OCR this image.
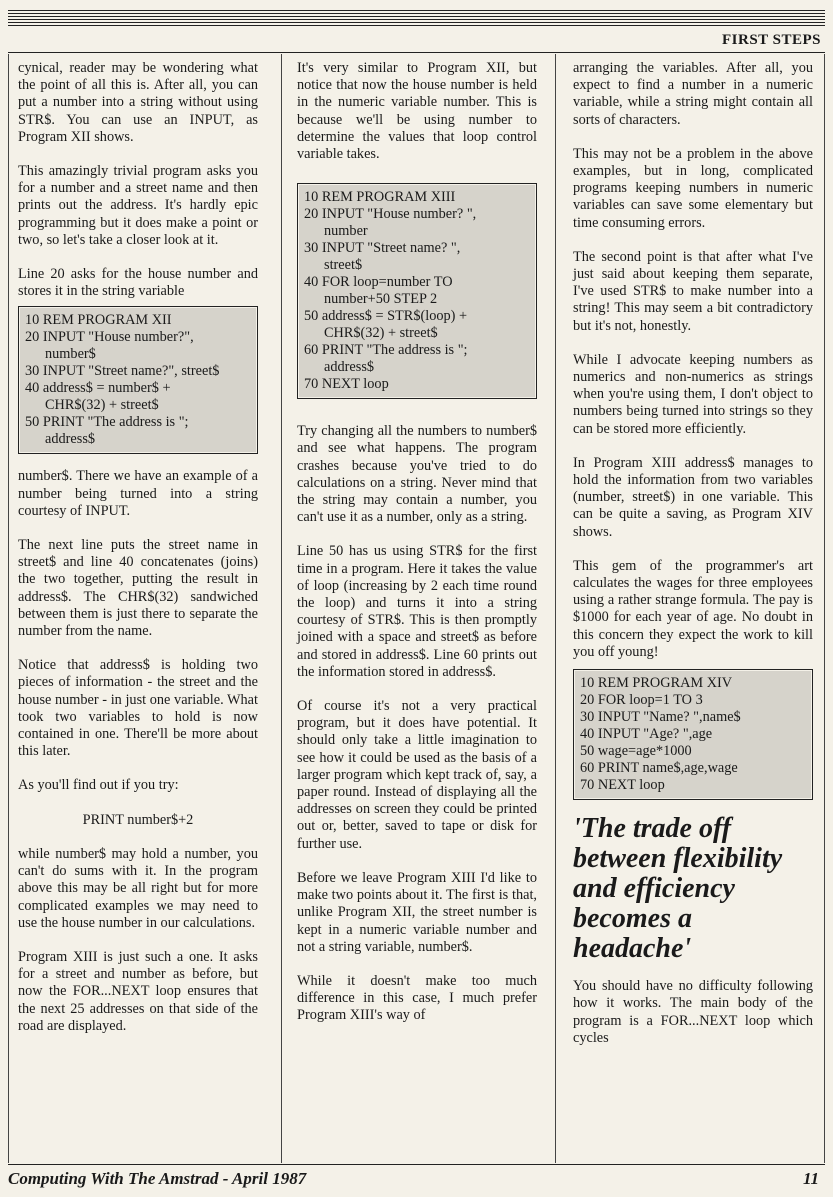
FIRST STEPS

cynical, reader may be wondering what the point of all this is. After all, you can put a number into a string without using STR$. You can use an INPUT, as Program XII shows.

This amazingly trivial program asks you for a number and a street name and then prints out the address. It's hardly epic programming but it does make a point or two, so let's take a closer look at it.

Line 20 asks for the house number and stores it in the string variable

10 REM PROGRAM XII
20 INPUT "House number?",
number$
30 INPUT "Street name?", street$
40 address$ = number$ +
CHR$(32) + street$
50 PRINT "The address is ";
address$

number$. There we have an example of a number being turned into a string courtesy of INPUT.

The next line puts the street name in street$ and line 40 concatenates (joins) the two together, putting the result in address$. The CHR$(32) sandwiched between them is just there to separate the number from the name.

Notice that address$ is holding two pieces of information - the street and the house number - in just one variable. What took two variables to hold is now contained in one. There'll be more about this later.

As you'll find out if you try:

PRINT number$+2

while number$ may hold a number, you can't do sums with it. In the program above this may be all right but for more complicated examples we may need to use the house number in our calculations.

Program XIII is just such a one. It asks for a street and number as before, but now the FOR...NEXT loop ensures that the next 25 addresses on that side of the road are displayed.

It's very similar to Program XII, but notice that now the house number is held in the numeric variable number. This is because we'll be using number to determine the values that loop control variable takes.

10 REM PROGRAM XIII
20 INPUT "House number? ",
number
30 INPUT "Street name? ",
street$
40 FOR loop=number TO
number+50 STEP 2
50 address$ = STR$(loop) +
CHR$(32) + street$
60 PRINT "The address is ";
address$
70 NEXT loop

Try changing all the numbers to number$ and see what happens. The program crashes because you've tried to do calculations on a string. Never mind that the string may contain a number, you can't use it as a number, only as a string.

Line 50 has us using STR$ for the first time in a program. Here it takes the value of loop (increasing by 2 each time round the loop) and turns it into a string courtesy of STR$. This is then promptly joined with a space and street$ as before and stored in address$. Line 60 prints out the information stored in address$.

Of course it's not a very practical program, but it does have potential. It should only take a little imagination to see how it could be used as the basis of a larger program which kept track of, say, a paper round. Instead of displaying all the addresses on screen they could be printed out or, better, saved to tape or disk for further use.

Before we leave Program XIII I'd like to make two points about it. The first is that, unlike Program XII, the street number is kept in a numeric variable number and not a string variable, number$.

While it doesn't make too much difference in this case, I much prefer Program XIII's way of

arranging the variables. After all, you expect to find a number in a numeric variable, while a string might contain all sorts of characters.

This may not be a problem in the above examples, but in long, complicated programs keeping numbers in numeric variables can save some elementary but time consuming errors.

The second point is that after what I've just said about keeping them separate, I've used STR$ to make number into a string! This may seem a bit contradictory but it's not, honestly.

While I advocate keeping numbers as numerics and non-numerics as strings when you're using them, I don't object to numbers being turned into strings so they can be stored more efficiently.

In Program XIII address$ manages to hold the information from two variables (number, street$) in one variable. This can be quite a saving, as Program XIV shows.

This gem of the programmer's art calculates the wages for three employees using a rather strange formula. The pay is $1000 for each year of age. No doubt in this concern they expect the work to kill you off young!

10 REM PROGRAM XIV
20 FOR loop=1 TO 3
30 INPUT "Name? ",name$
40 INPUT "Age? ",age
50 wage=age*1000
60 PRINT name$,age,wage
70 NEXT loop
'The trade off between flexibility and efficiency becomes a headache'

You should have no difficulty following how it works. The main body of the program is a FOR...NEXT loop which cycles

Computing With The Amstrad - April 1987	11
